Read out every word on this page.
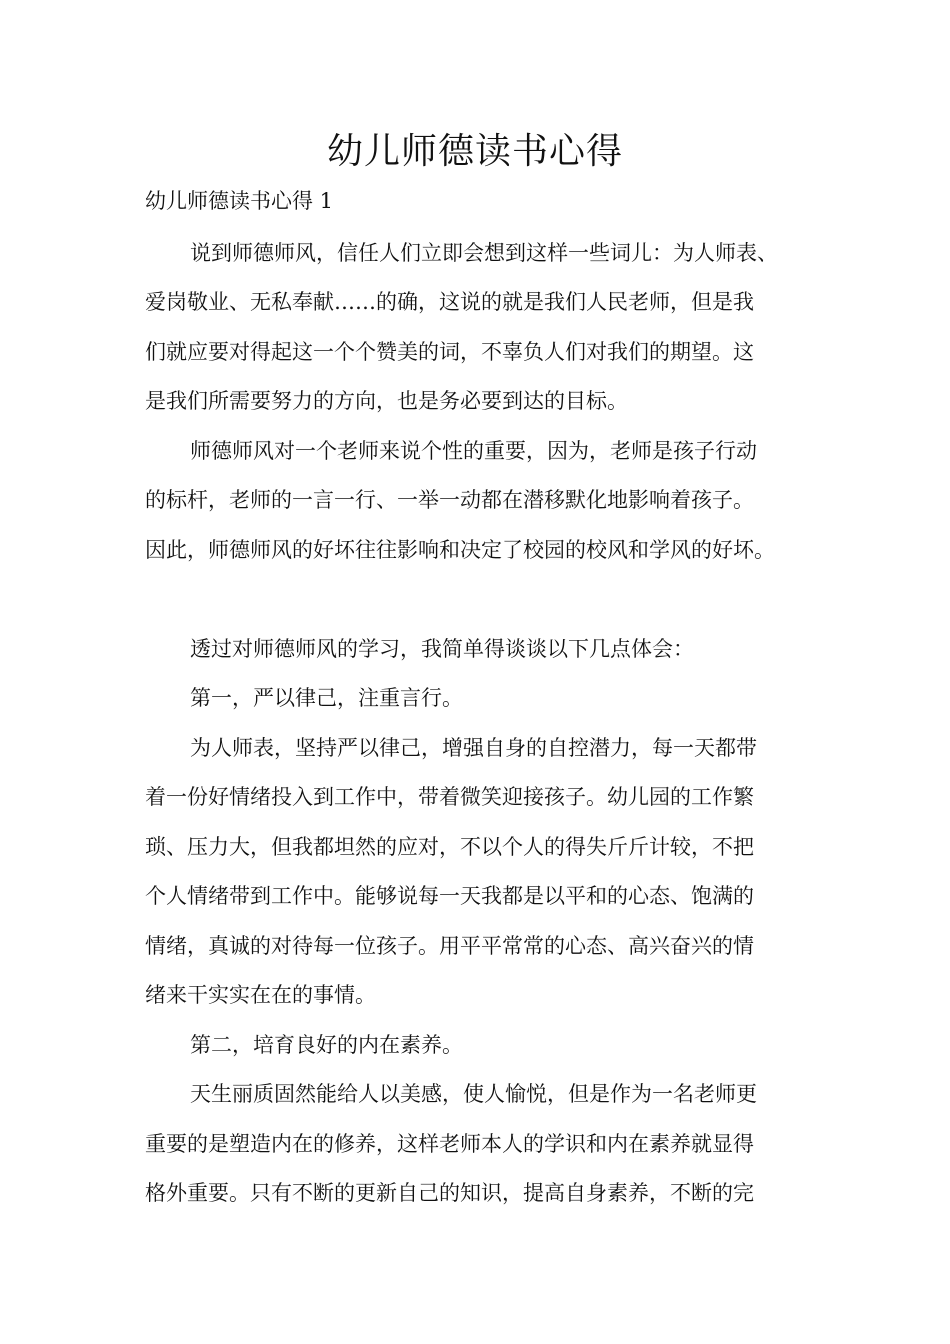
幼儿师德读书心得

幼儿师德读书心得 1

说到师德师风，信任人们立即会想到这样一些词儿：为人师表、

爱岗敬业、无私奉献……的确，这说的就是我们人民老师，但是我

们就应要对得起这一个个赞美的词，不辜负人们对我们的期望。这

是我们所需要努力的方向，也是务必要到达的目标。

师德师风对一个老师来说个性的重要，因为，老师是孩子行动

的标杆，老师的一言一行、一举一动都在潜移默化地影响着孩子。

因此，师德师风的好坏往往影响和决定了校园的校风和学风的好坏。

透过对师德师风的学习，我简单得谈谈以下几点体会：

第一，严以律己，注重言行。

为人师表，坚持严以律己，增强自身的自控潜力，每一天都带

着一份好情绪投入到工作中，带着微笑迎接孩子。幼儿园的工作繁

琐、压力大，但我都坦然的应对，不以个人的得失斤斤计较，不把

个人情绪带到工作中。能够说每一天我都是以平和的心态、饱满的

情绪，真诚的对待每一位孩子。用平平常常的心态、高兴奋兴的情

绪来干实实在在的事情。

第二，培育良好的内在素养。

天生丽质固然能给人以美感，使人愉悦，但是作为一名老师更

重要的是塑造内在的修养，这样老师本人的学识和内在素养就显得

格外重要。只有不断的更新自己的知识，提高自身素养，不断的完
